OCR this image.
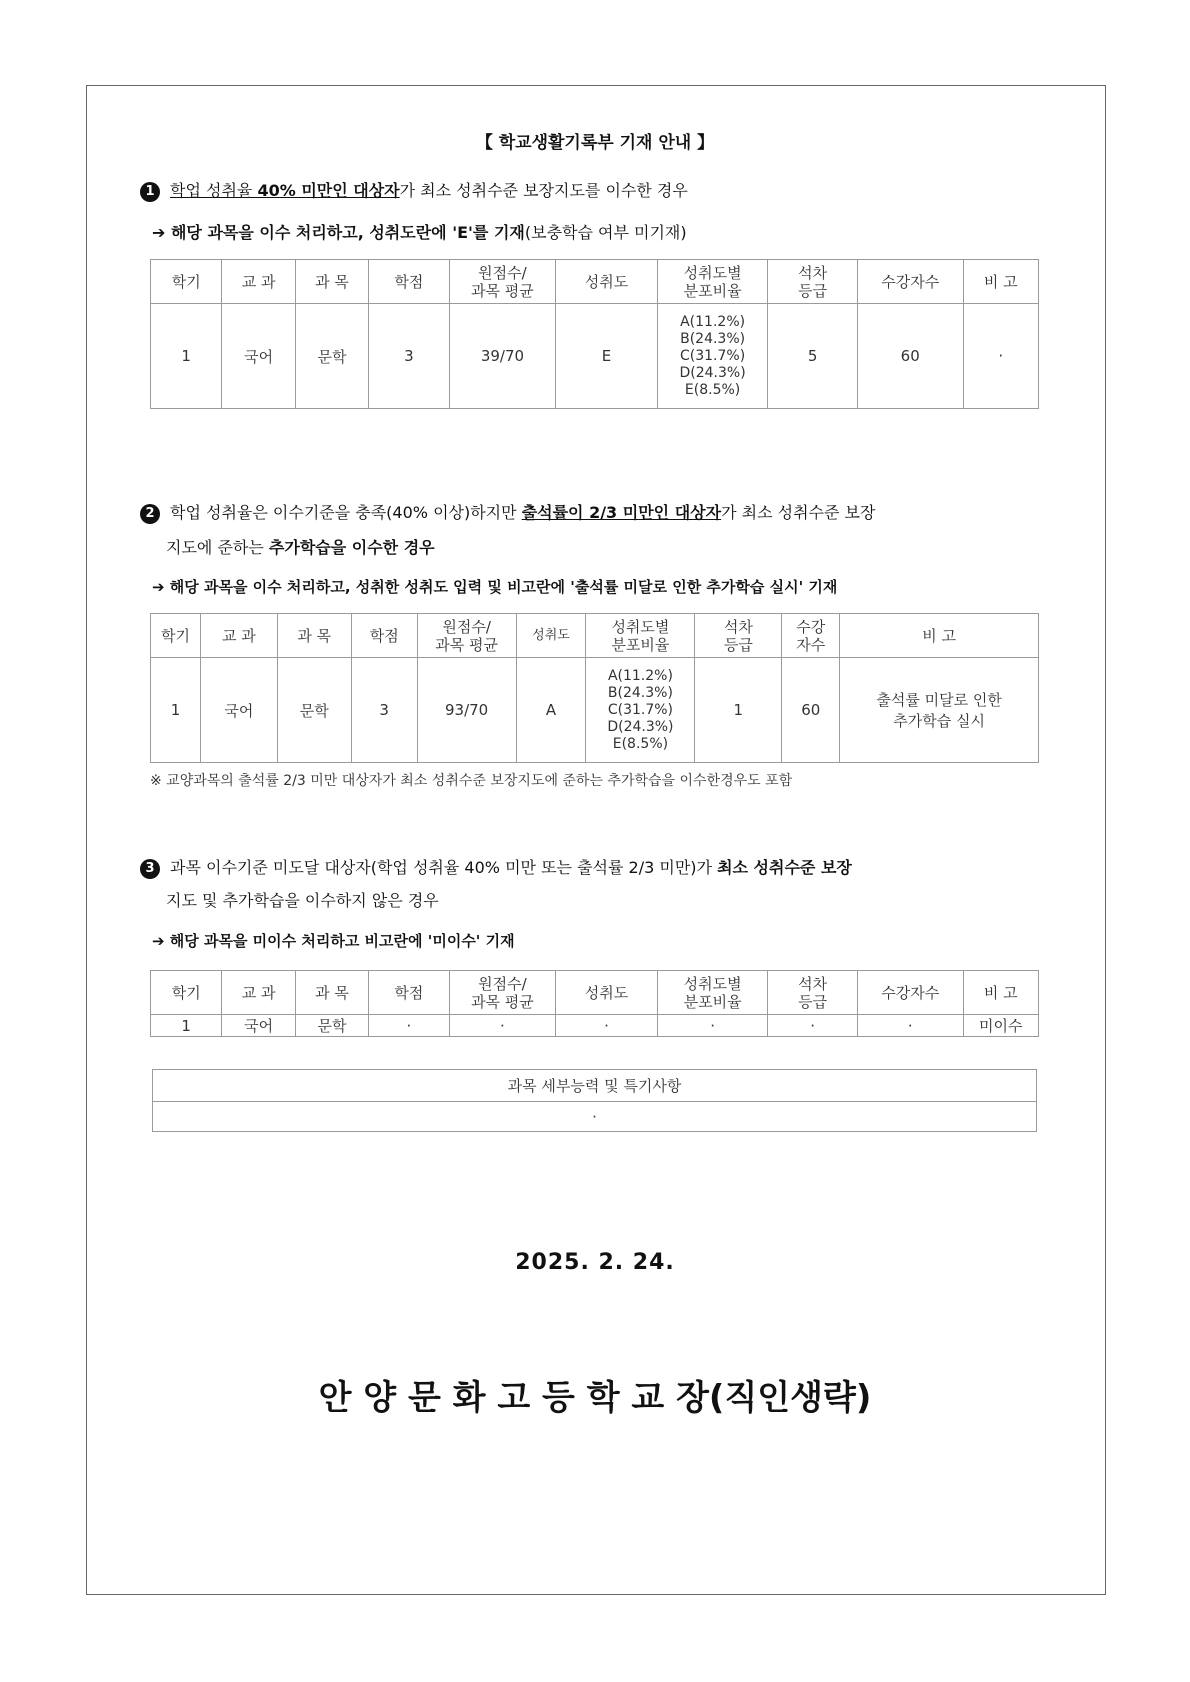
【 학교생활기록부 기재 안내 】
1 학업 성취율 40% 미만인 대상자가 최소 성취수준 보장지도를 이수한 경우
➔ 해당 과목을 이수 처리하고, 성취도란에 'E'를 기재(보충학습 여부 미기재)
학기	교 과	과 목	학점	원점수/
과목 평균	성취도	성취도별
분포비율	석차
등급	수강자수	비 고
1	국어	문학	3	39/70	E	A(11.2%)
B(24.3%)
C(31.7%)
D(24.3%)
E(8.5%)	5	60	·
2 학업 성취율은 이수기준을 충족(40% 이상)하지만 출석률이 2/3 미만인 대상자가 최소 성취수준 보장
지도에 준하는 추가학습을 이수한 경우
➔ 해당 과목을 이수 처리하고, 성취한 성취도 입력 및 비고란에 '출석률 미달로 인한 추가학습 실시' 기재
학기	교 과	과 목	학점	원점수/
과목 평균	성취도	성취도별
분포비율	석차
등급	수강
자수	비 고
1	국어	문학	3	93/70	A	A(11.2%)
B(24.3%)
C(31.7%)
D(24.3%)
E(8.5%)	1	60	출석률 미달로 인한
추가학습 실시
※ 교양과목의 출석률 2/3 미만 대상자가 최소 성취수준 보장지도에 준하는 추가학습을 이수한경우도 포함
3 과목 이수기준 미도달 대상자(학업 성취율 40% 미만 또는 출석률 2/3 미만)가 최소 성취수준 보장
지도 및 추가학습을 이수하지 않은 경우
➔ 해당 과목을 미이수 처리하고 비고란에 '미이수' 기재
학기	교 과	과 목	학점	원점수/
과목 평균	성취도	성취도별
분포비율	석차
등급	수강자수	비 고
1	국어	문학	·	·	·	·	·	·	미이수
과목 세부능력 및 특기사항
·
2025. 2. 24.
안 양 문 화 고 등 학 교 장(직인생략)
